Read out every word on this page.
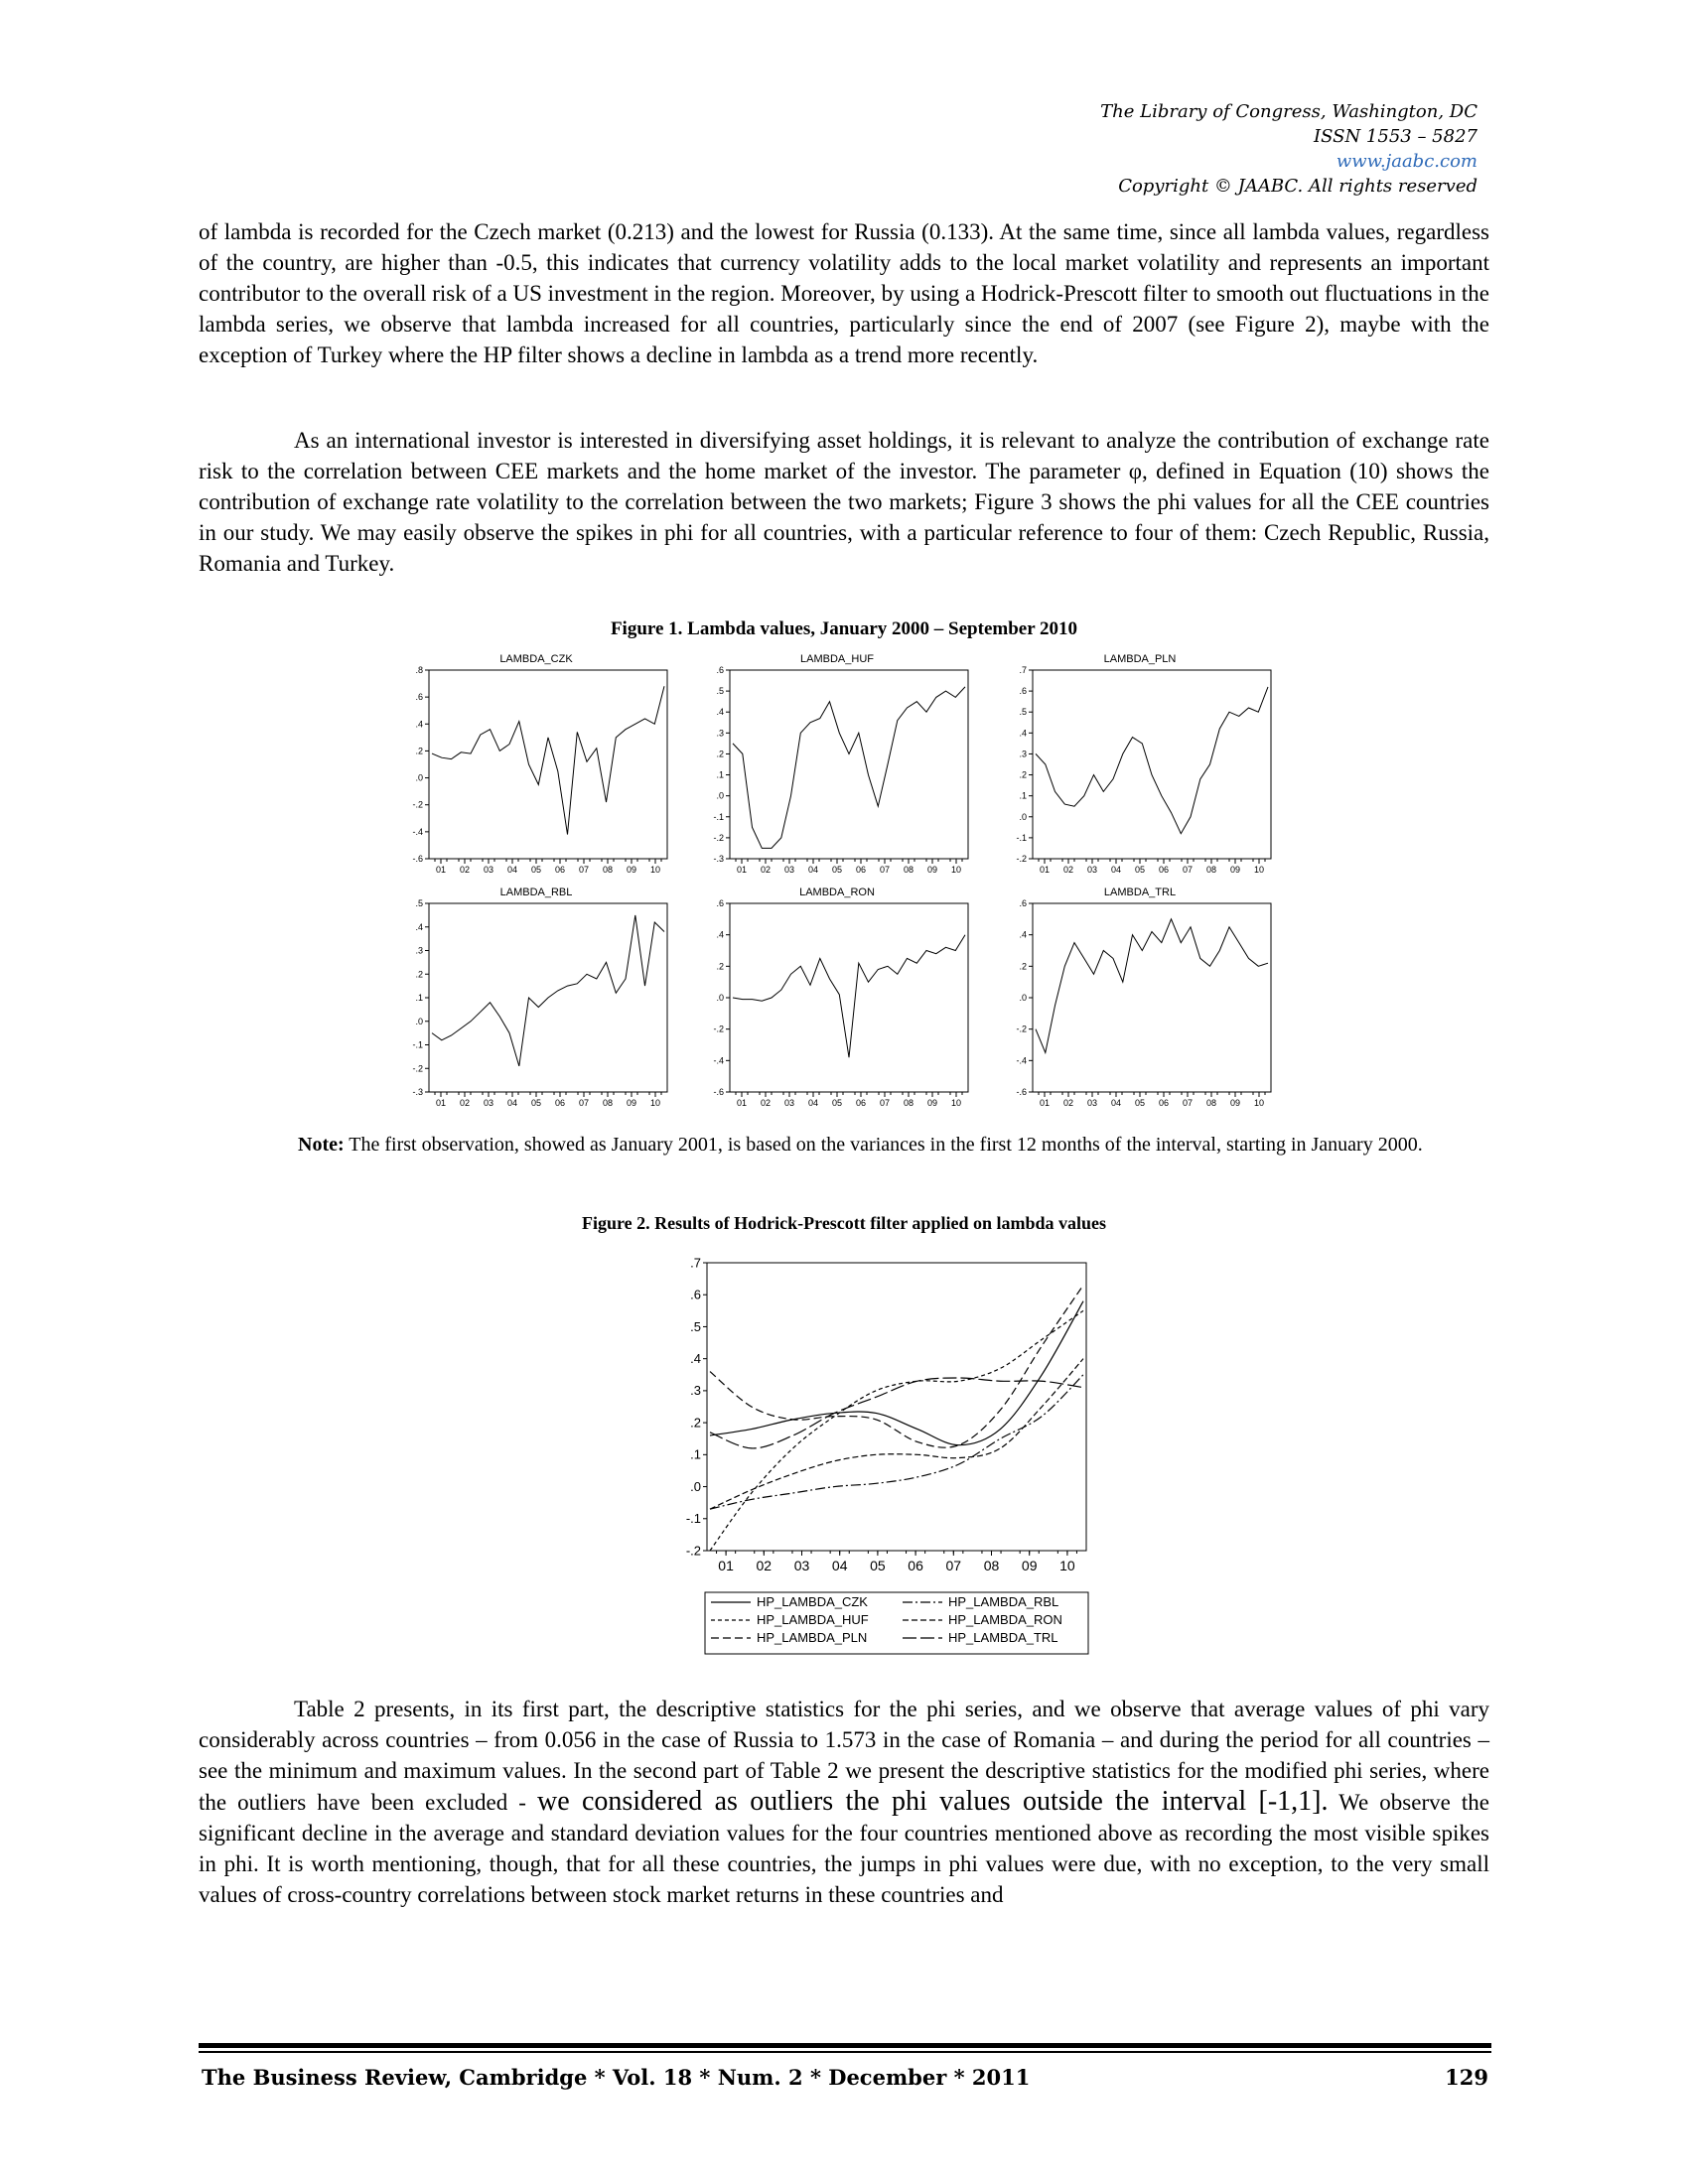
The Library of Congress, Washington, DC
ISSN 1553 – 5827
www.jaabc.com
Copyright © JAABC. All rights reserved

of lambda is recorded for the Czech market (0.213) and the lowest for Russia (0.133). At the same time, since all lambda values, regardless of the country, are higher than -0.5, this indicates that currency volatility adds to the local market volatility and represents an important contributor to the overall risk of a US investment in the region. Moreover, by using a Hodrick-Prescott filter to smooth out fluctuations in the lambda series, we observe that lambda increased for all countries, particularly since the end of 2007 (see Figure 2), maybe with the exception of Turkey where the HP filter shows a decline in lambda as a trend more recently.

As an international investor is interested in diversifying asset holdings, it is relevant to analyze the contribution of exchange rate risk to the correlation between CEE markets and the home market of the investor. The parameter φ, defined in Equation (10) shows the contribution of exchange rate volatility to the correlation between the two markets; Figure 3 shows the phi values for all the CEE countries in our study. We may easily observe the spikes in phi for all countries, with a particular reference to four of them: Czech Republic, Russia, Romania and Turkey.

Figure 1. Lambda values, January 2000 – September 2010
LAMBDA_CZK
.8
.6
.4
.2
.0
-.2
-.4
-.6
01 02 03 04 05 06 07 08 09 10
LAMBDA_HUF
.6
.5
.4
.3
.2
.1
.0
-.1
-.2
-.3
01 02 03 04 05 06 07 08 09 10
LAMBDA_PLN
.7
.6
.5
.4
.3
.2
.1
.0
-.1
-.2
01 02 03 04 05 06 07 08 09 10
LAMBDA_RBL
.5
.4
.3
.2
.1
.0
-.1
-.2
-.3
01 02 03 04 05 06 07 08 09 10
LAMBDA_RON
.6
.4
.2
.0
-.2
-.4
-.6
01 02 03 04 05 06 07 08 09 10
LAMBDA_TRL
.6
.4
.2
.0
-.2
-.4
-.6
01 02 03 04 05 06 07 08 09 10
Note: The first observation, showed as January 2001, is based on the variances in the first 12 months of the interval, starting in January 2000.
Figure 2. Results of Hodrick-Prescott filter applied on lambda values
.7
.6
.5
.4
.3
.2
.1
.0
-.1
-.2
01 02 03 04 05 06 07 08 09 10
HP_LAMBDA_CZK
HP_LAMBDA_HUF
HP_LAMBDA_PLN
HP_LAMBDA_RBL
HP_LAMBDA_RON
HP_LAMBDA_TRL

Table 2 presents, in its first part, the descriptive statistics for the phi series, and we observe that average values of phi vary considerably across countries – from 0.056 in the case of Russia to 1.573 in the case of Romania – and during the period for all countries – see the minimum and maximum values. In the second part of Table 2 we present the descriptive statistics for the modified phi series, where the outliers have been excluded - we considered as outliers the phi values outside the interval [-1,1]. We observe the significant decline in the average and standard deviation values for the four countries mentioned above as recording the most visible spikes in phi. It is worth mentioning, though, that for all these countries, the jumps in phi values were due, with no exception, to the very small values of cross-country correlations between stock market returns in these countries and

The Business Review, Cambridge * Vol. 18 * Num. 2 * December * 2011	129
